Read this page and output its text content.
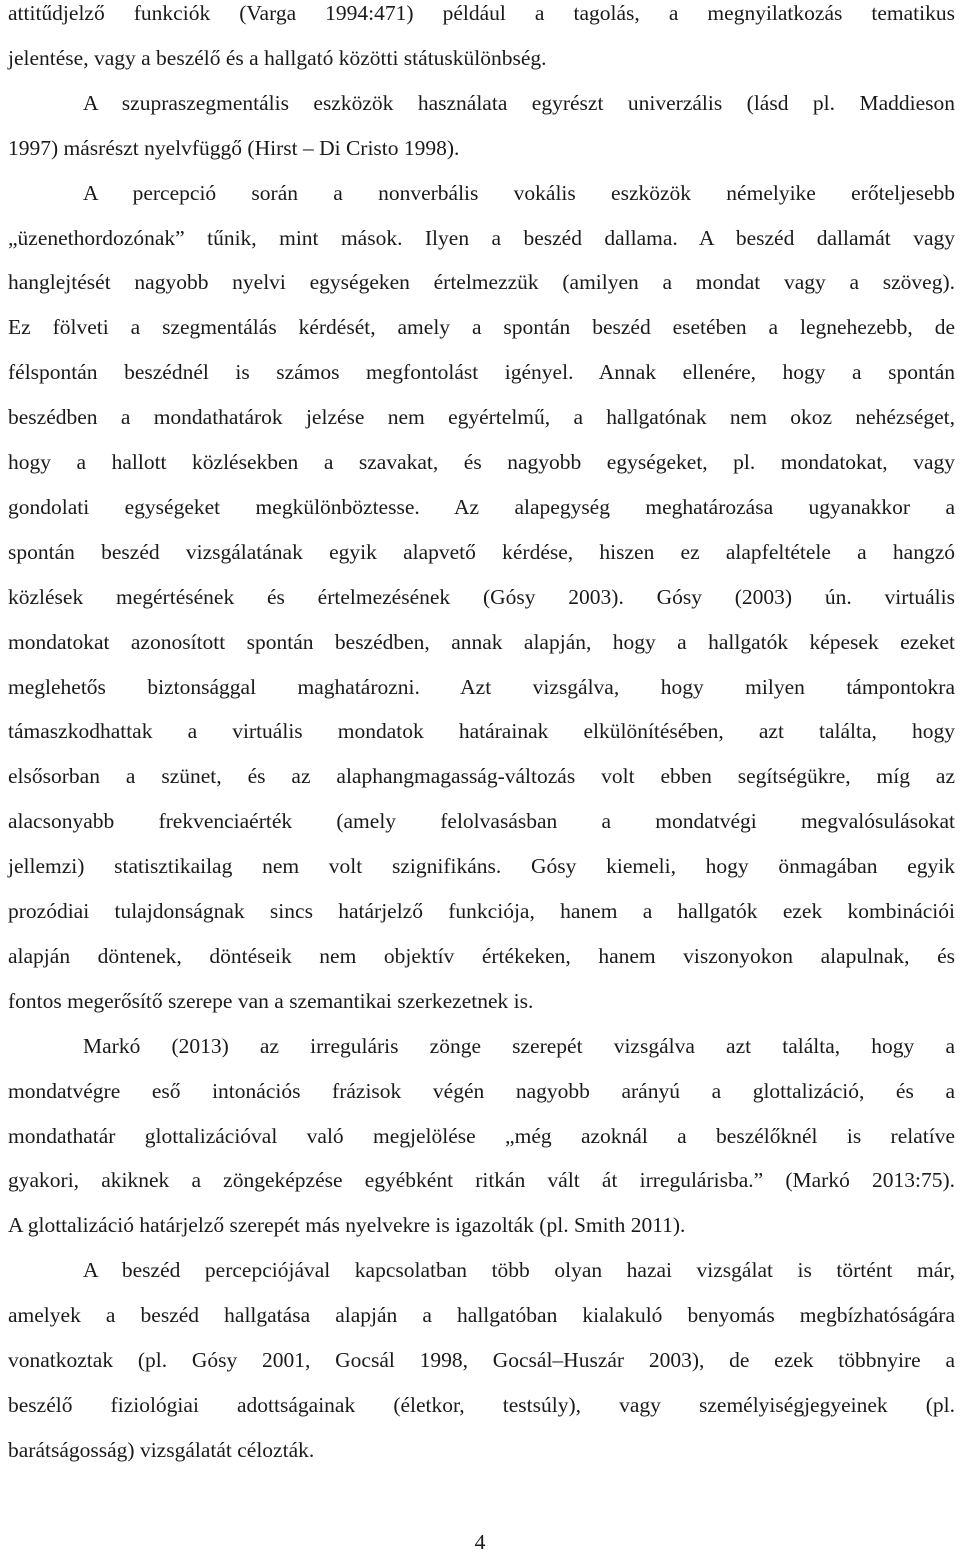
attitűdjelző funkciók (Varga 1994:471) például a tagolás, a megnyilatkozás tematikus
jelentése, vagy a beszélő és a hallgató közötti státuskülönbség.
A szupraszegmentális eszközök használata egyrészt univerzális (lásd pl. Maddieson
1997) másrészt nyelvfüggő (Hirst – Di Cristo 1998).
A percepció során a nonverbális vokális eszközök némelyike erőteljesebb
„üzenethordozónak” tűnik, mint mások. Ilyen a beszéd dallama. A beszéd dallamát vagy
hanglejtését nagyobb nyelvi egységeken értelmezzük (amilyen a mondat vagy a szöveg).
Ez fölveti a szegmentálás kérdését, amely a spontán beszéd esetében a legnehezebb, de
félspontán beszédnél is számos megfontolást igényel. Annak ellenére, hogy a spontán
beszédben a mondathatárok jelzése nem egyértelmű, a hallgatónak nem okoz nehézséget,
hogy a hallott közlésekben a szavakat, és nagyobb egységeket, pl. mondatokat, vagy
gondolati egységeket megkülönböztesse. Az alapegység meghatározása ugyanakkor a
spontán beszéd vizsgálatának egyik alapvető kérdése, hiszen ez alapfeltétele a hangzó
közlések megértésének és értelmezésének (Gósy 2003). Gósy (2003) ún. virtuális
mondatokat azonosított spontán beszédben, annak alapján, hogy a hallgatók képesek ezeket
meglehetős biztonsággal maghatározni. Azt vizsgálva, hogy milyen támpontokra
támaszkodhattak a virtuális mondatok határainak elkülönítésében, azt találta, hogy
elsősorban a szünet, és az alaphangmagasság-változás volt ebben segítségükre, míg az
alacsonyabb frekvenciaérték (amely felolvasásban a mondatvégi megvalósulásokat
jellemzi) statisztikailag nem volt szignifikáns. Gósy kiemeli, hogy önmagában egyik
prozódiai tulajdonságnak sincs határjelző funkciója, hanem a hallgatók ezek kombinációi
alapján döntenek, döntéseik nem objektív értékeken, hanem viszonyokon alapulnak, és
fontos megerősítő szerepe van a szemantikai szerkezetnek is.
Markó (2013) az irreguláris zönge szerepét vizsgálva azt találta, hogy a
mondatvégre eső intonációs frázisok végén nagyobb arányú a glottalizáció, és a
mondathatár glottalizációval való megjelölése „még azoknál a beszélőknél is relatíve
gyakori, akiknek a zöngeképzése egyébként ritkán vált át irregulárisba.” (Markó 2013:75).
A glottalizáció határjelző szerepét más nyelvekre is igazolták (pl. Smith 2011).
A beszéd percepciójával kapcsolatban több olyan hazai vizsgálat is történt már,
amelyek a beszéd hallgatása alapján a hallgatóban kialakuló benyomás megbízhatóságára
vonatkoztak (pl. Gósy 2001, Gocsál 1998, Gocsál–Huszár 2003), de ezek többnyire a
beszélő fiziológiai adottságainak (életkor, testsúly), vagy személyiségjegyeinek (pl.
barátságosság) vizsgálatát célozták.
4
